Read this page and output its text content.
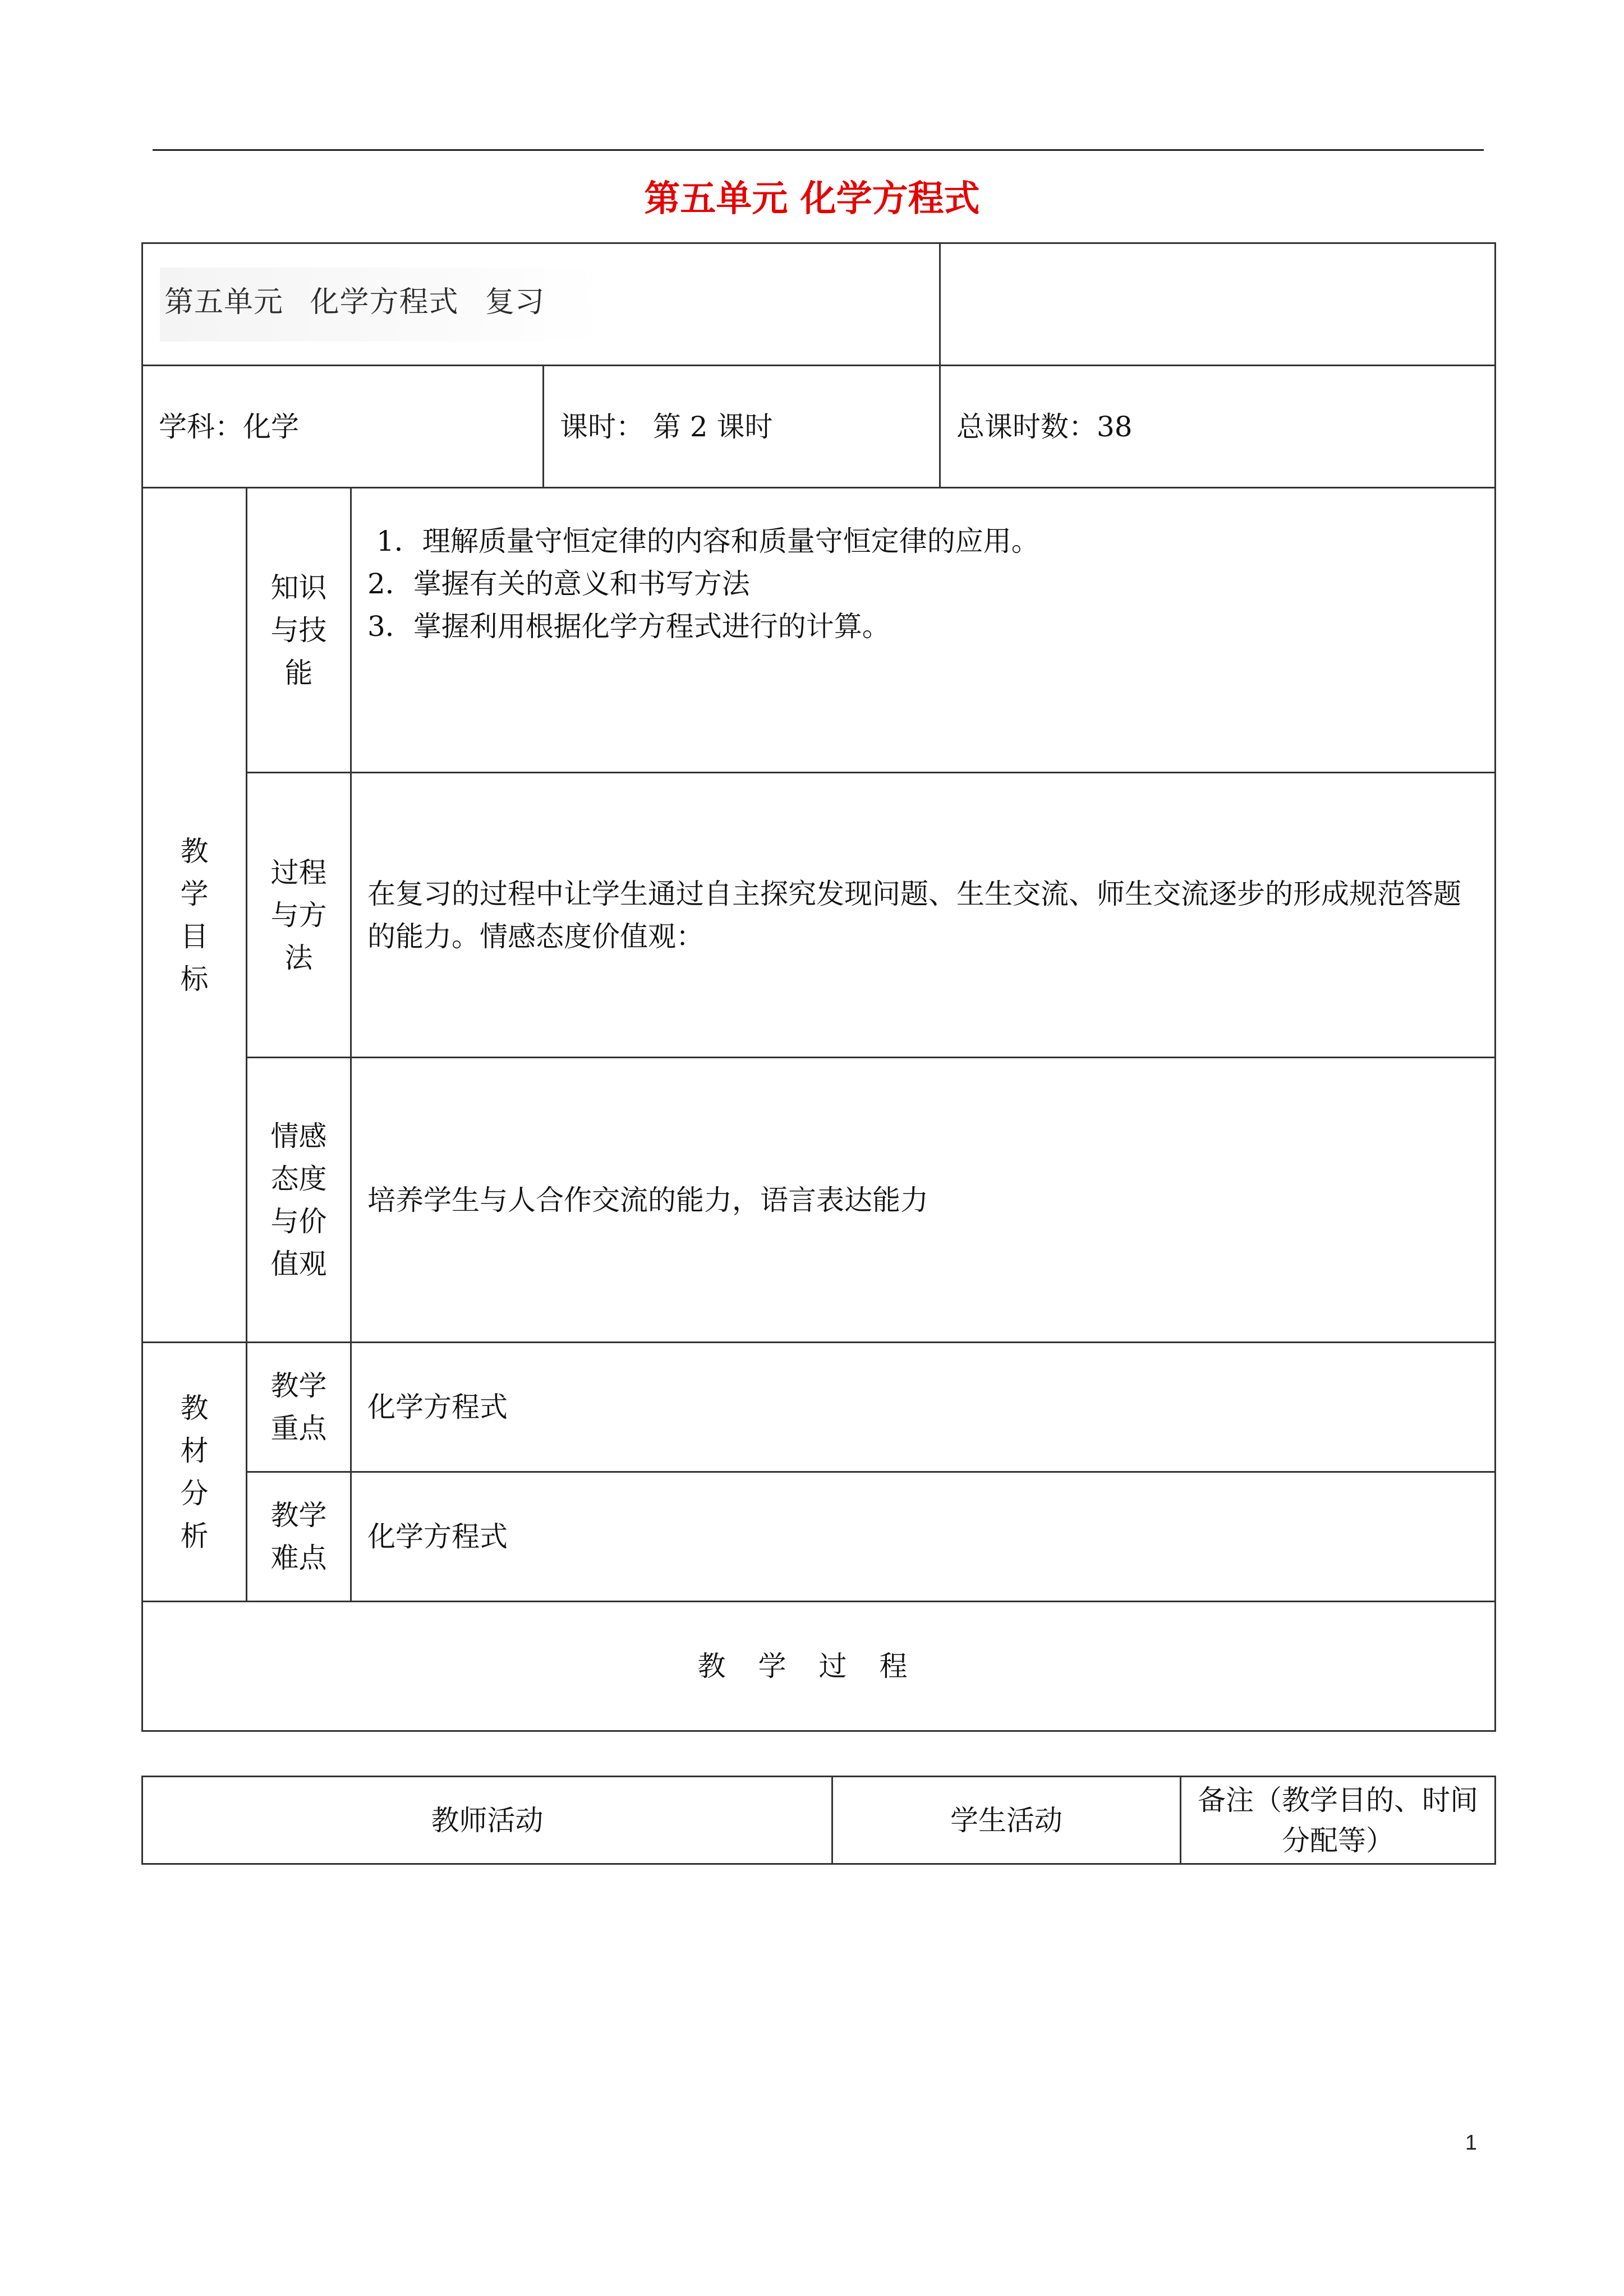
第五单元 化学方程式
第五单元 化学方程式 复习				
学科：化学			课时： 第 2 课时	总课时数：38
教学目标	知识与技能	1．理解质量守恒定律的内容和质量守恒定律的应用。
2．掌握有关的意义和书写方法
3．掌握利用根据化学方程式进行的计算。		

	过程与方法	在复习的过程中让学生通过自主探究发现问题、生生交流、师生交流逐步的形成规范答题的能力。情感态度价值观：		
	情感态度与价值观	培养学生与人合作交流的能力，语言表达能力		
教材分析	教学重点	化学方程式		
	教学难点	化学方程式		
教学过程				
教师活动	学生活动	备注（教学目的、时间分配等）
1
